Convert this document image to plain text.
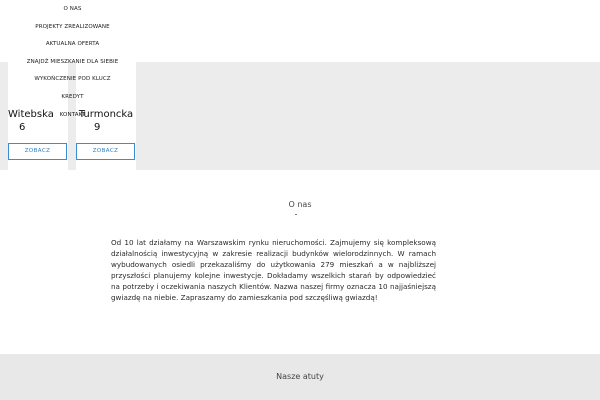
Witebska
6
ZOBACZ
Turmoncka
9
ZOBACZ
O NAS
PROJEKTY ZREALIZOWANE
AKTUALNA OFERTA
ZNAJDŹ MIESZKANIE DLA SIEBIE
WYKOŃCZENIE POD KLUCZ
KREDYT
KONTAKT
O nas

Od 10 lat działamy na Warszawskim rynku nieruchomości. Zajmujemy się kompleksową działalnością inwestycyjną w zakresie realizacji budynków wielorodzinnych. W ramach wybudowanych osiedli przekazaliśmy do użytkowania 279 mieszkań a w najbliższej przyszłości planujemy kolejne inwestycje. Dokładamy wszelkich starań by odpowiedzieć na potrzeby i oczekiwania naszych Klientów. Nazwa naszej firmy oznacza 10 najjaśniejszą gwiazdę na niebie. Zapraszamy do zamieszkania pod szczęśliwą gwiazdą!

Nasze atuty
